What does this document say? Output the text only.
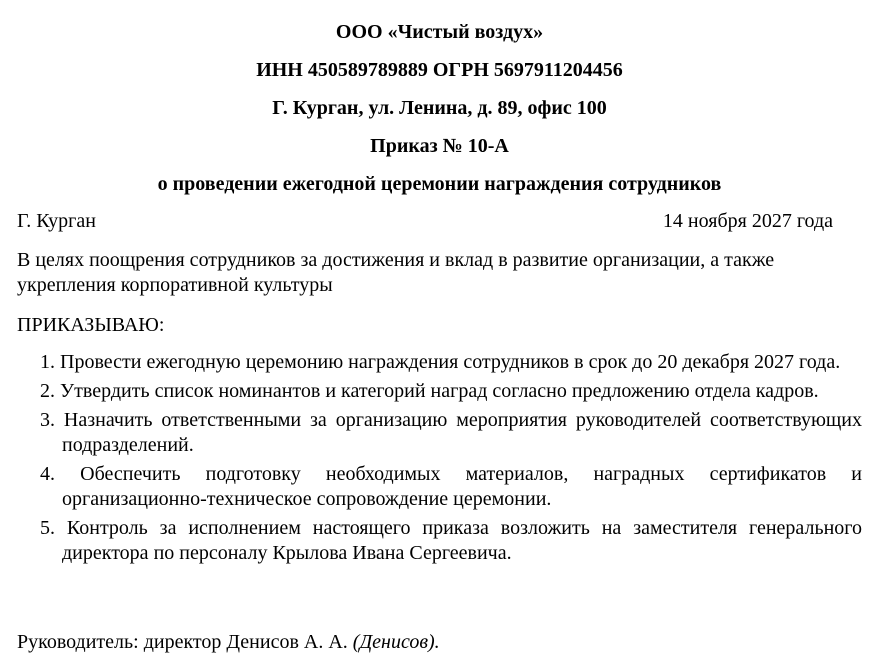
ООО «Чистый воздух»

ИНН 450589789889 ОГРН 5697911204456

Г. Курган, ул. Ленина, д. 89, офис 100

Приказ № 10-А

о проведении ежегодной церемонии награждения сотрудников

Г. Курган	14 ноября 2027 года

В целях поощрения сотрудников за достижения и вклад в развитие организации, а также укрепления корпоративной культуры

ПРИКАЗЫВАЮ:

1. Провести ежегодную церемонию награждения сотрудников в срок до 20 декабря 2027 года.
2. Утвердить список номинантов и категорий наград согласно предложению отдела кадров.
3. Назначить ответственными за организацию мероприятия руководителей соответствующих подразделений.
4. Обеспечить подготовку необходимых материалов, наградных сертификатов и организационно-техническое сопровождение церемонии.
5. Контроль за исполнением настоящего приказа возложить на заместителя генерального директора по персоналу Крылова Ивана Сергеевича.

Руководитель: директор Денисов А. А. (Денисов).
